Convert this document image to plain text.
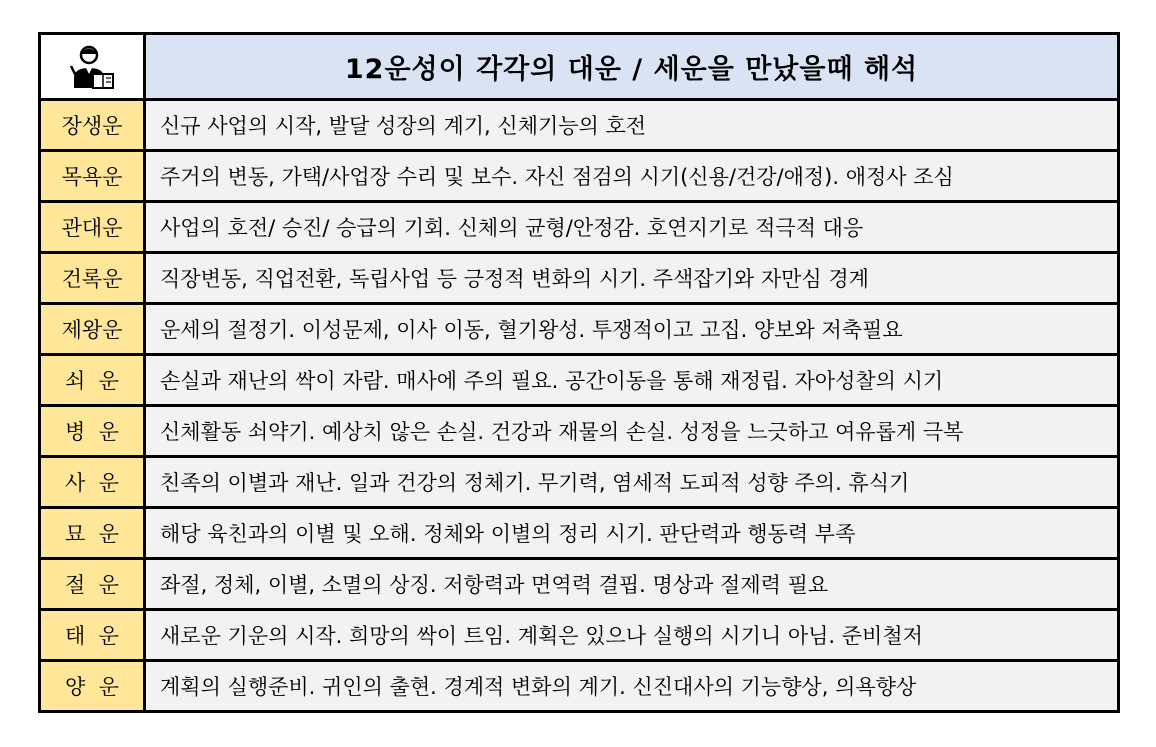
12운성이 각각의 대운 / 세운을 만났을때 해석
장생운	신규 사업의 시작, 발달 성장의 계기, 신체기능의 호전
목욕운	주거의 변동, 가택/사업장 수리 및 보수. 자신 점검의 시기(신용/건강/애정). 애정사 조심
관대운	사업의 호전/ 승진/ 승급의 기회. 신체의 균형/안정감. 호연지기로 적극적 대응
건록운	직장변동, 직업전환, 독립사업 등 긍정적 변화의 시기. 주색잡기와 자만심 경계
제왕운	운세의 절정기. 이성문제, 이사 이동, 혈기왕성. 투쟁적이고 고집. 양보와 저축필요
쇠  운	손실과 재난의 싹이 자람. 매사에 주의 필요. 공간이동을 통해 재정립. 자아성찰의 시기
병  운	신체활동 쇠약기. 예상치 않은 손실. 건강과 재물의 손실. 성정을 느긋하고 여유롭게 극복
사  운	친족의 이별과 재난. 일과 건강의 정체기. 무기력, 염세적 도피적 성향 주의. 휴식기
묘  운	해당 육친과의 이별 및 오해. 정체와 이별의 정리 시기. 판단력과 행동력 부족
절  운	좌절, 정체, 이별, 소멸의 상징. 저항력과 면역력 결핍. 명상과 절제력 필요
태  운	새로운 기운의 시작. 희망의 싹이 트임. 계획은 있으나 실행의 시기니 아님. 준비철저
양  운	계획의 실행준비. 귀인의 출현. 경계적 변화의 계기. 신진대사의 기능향상, 의욕향상
